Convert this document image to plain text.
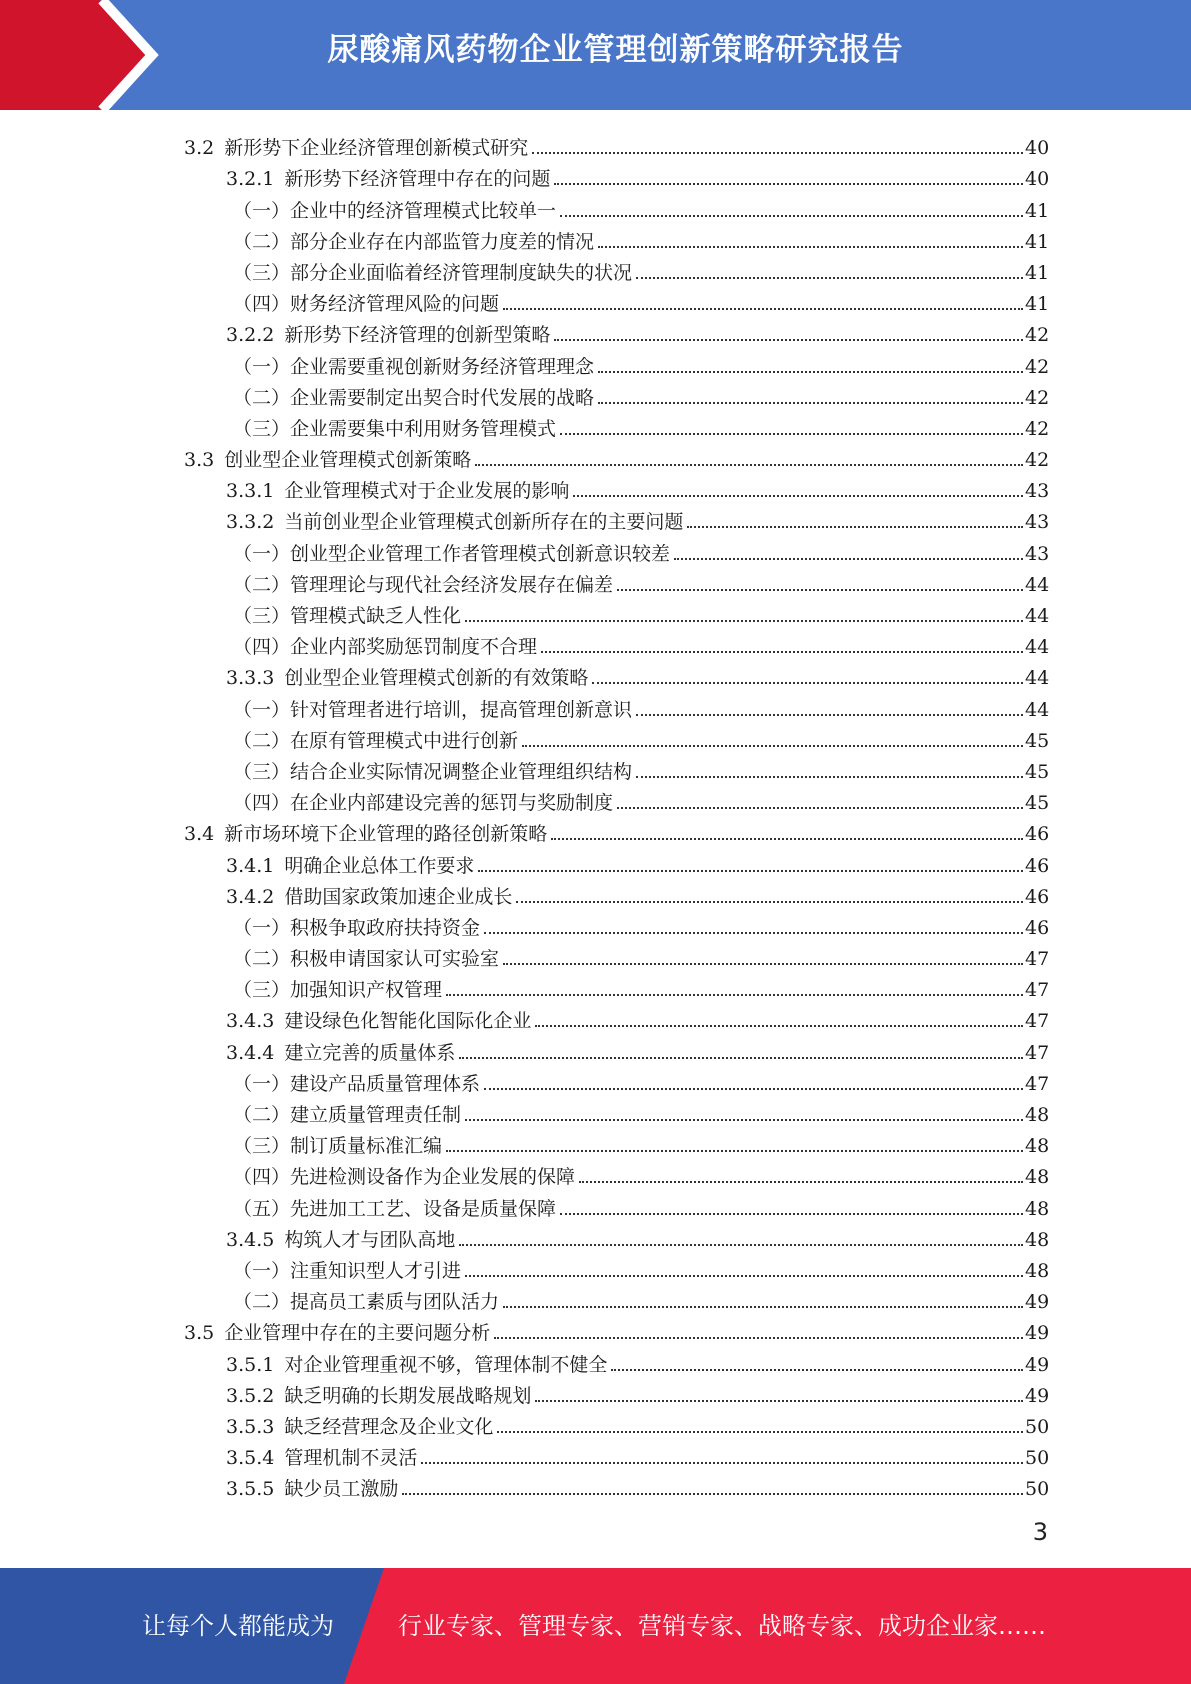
尿酸痛风药物企业管理创新策略研究报告
3.2 新形势下企业经济管理创新模式研究	40
3.2.1 新形势下经济管理中存在的问题	40
（一）企业中的经济管理模式比较单一	41
（二）部分企业存在内部监管力度差的情况	41
（三）部分企业面临着经济管理制度缺失的状况	41
（四）财务经济管理风险的问题	41
3.2.2 新形势下经济管理的创新型策略	42
（一）企业需要重视创新财务经济管理理念	42
（二）企业需要制定出契合时代发展的战略	42
（三）企业需要集中利用财务管理模式	42
3.3 创业型企业管理模式创新策略	42
3.3.1 企业管理模式对于企业发展的影响	43
3.3.2 当前创业型企业管理模式创新所存在的主要问题	43
（一）创业型企业管理工作者管理模式创新意识较差	43
（二）管理理论与现代社会经济发展存在偏差	44
（三）管理模式缺乏人性化	44
（四）企业内部奖励惩罚制度不合理	44
3.3.3 创业型企业管理模式创新的有效策略	44
（一）针对管理者进行培训，提高管理创新意识	44
（二）在原有管理模式中进行创新	45
（三）结合企业实际情况调整企业管理组织结构	45
（四）在企业内部建设完善的惩罚与奖励制度	45
3.4 新市场环境下企业管理的路径创新策略	46
3.4.1 明确企业总体工作要求	46
3.4.2 借助国家政策加速企业成长	46
（一）积极争取政府扶持资金	46
（二）积极申请国家认可实验室	47
（三）加强知识产权管理	47
3.4.3 建设绿色化智能化国际化企业	47
3.4.4 建立完善的质量体系	47
（一）建设产品质量管理体系	47
（二）建立质量管理责任制	48
（三）制订质量标准汇编	48
（四）先进检测设备作为企业发展的保障	48
（五）先进加工工艺、设备是质量保障	48
3.4.5 构筑人才与团队高地	48
（一）注重知识型人才引进	48
（二）提高员工素质与团队活力	49
3.5 企业管理中存在的主要问题分析	49
3.5.1 对企业管理重视不够，管理体制不健全	49
3.5.2 缺乏明确的长期发展战略规划	49
3.5.3 缺乏经营理念及企业文化	50
3.5.4 管理机制不灵活	50
3.5.5 缺少员工激励	50
3
让每个人都能成为	行业专家、管理专家、营销专家、战略专家、成功企业家……
